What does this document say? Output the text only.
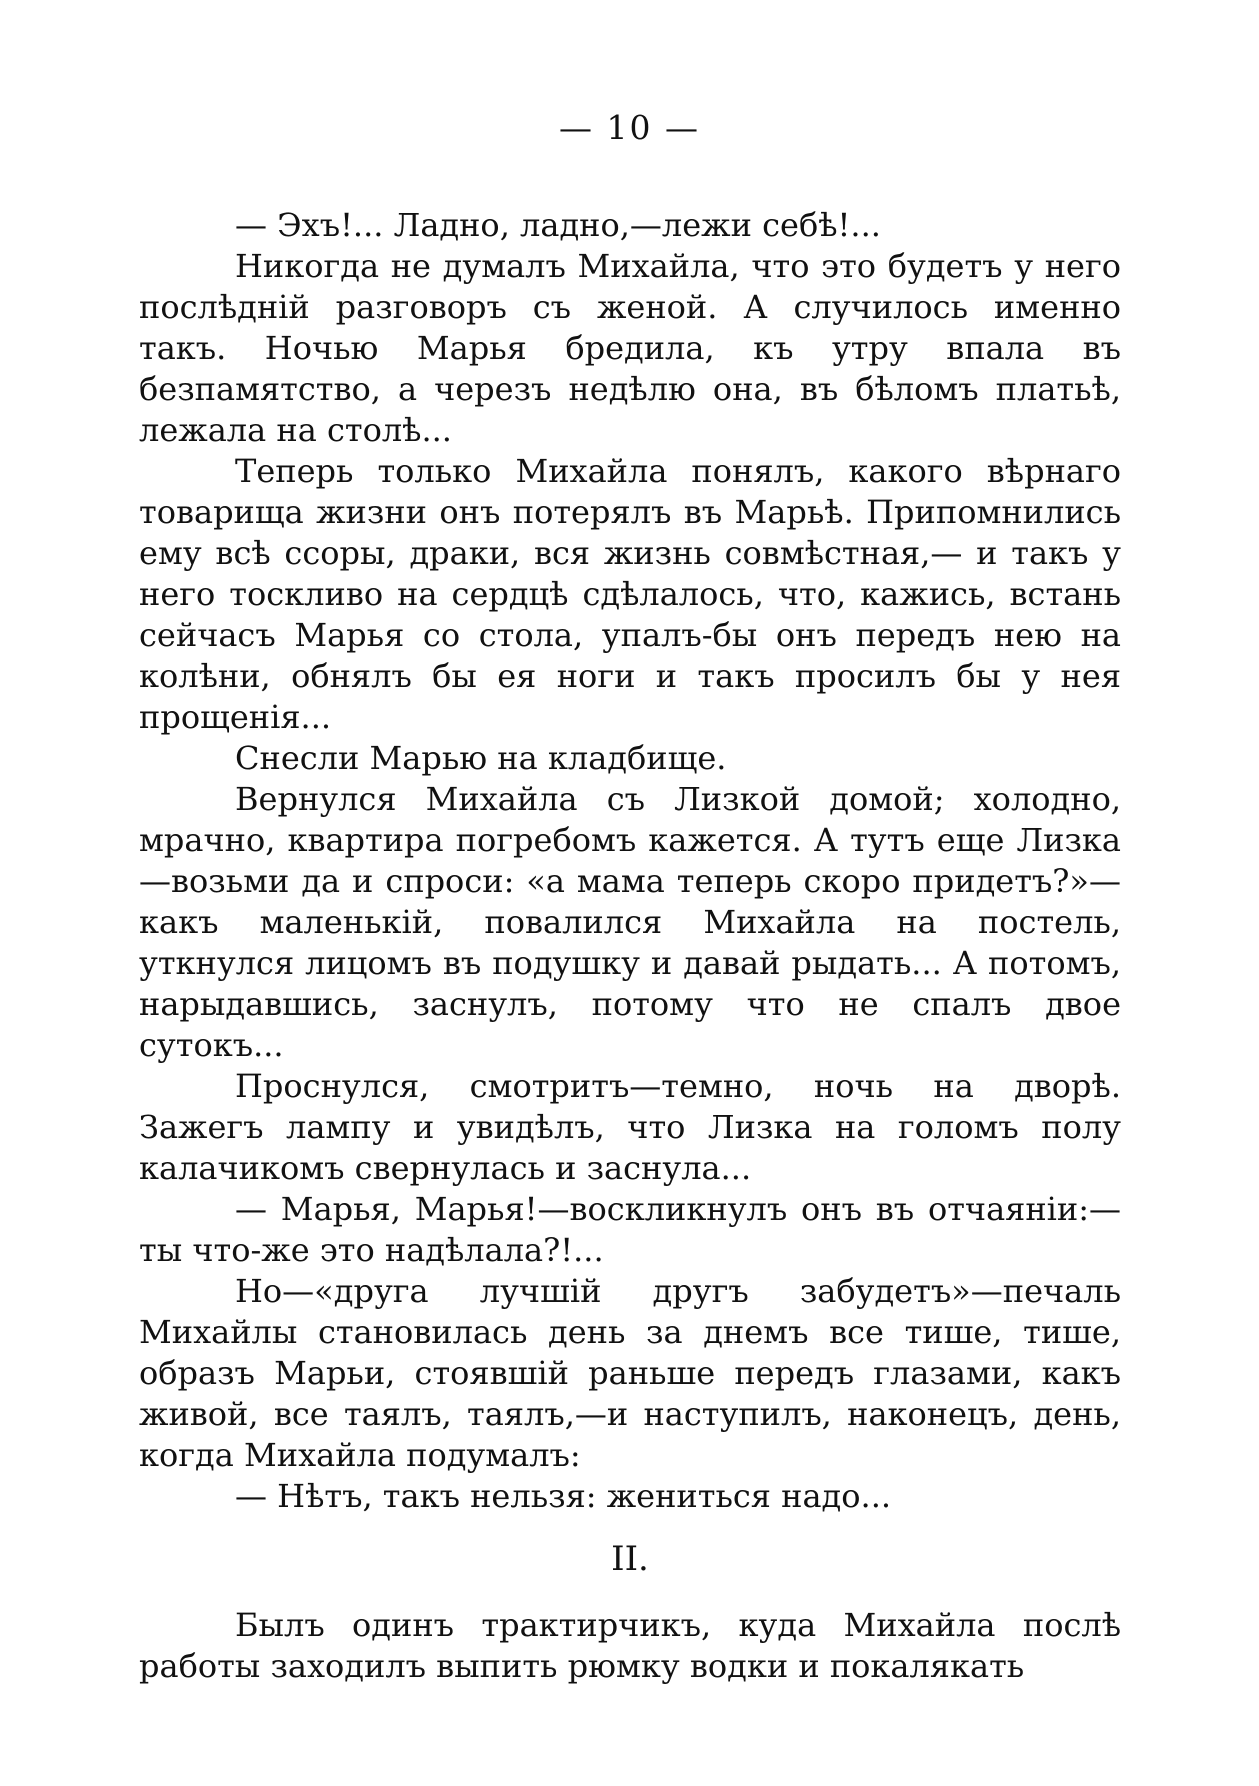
— 10 —

— Эхъ!... Ладно, ладно,—лежи себѣ!...

Никогда не думалъ Михайла, что это будетъ у него послѣднiй разговоръ съ женой. А случилось именно такъ. Ночью Марья бредила, къ утру впала въ безпамятство, а черезъ недѣлю она, въ бѣломъ платьѣ, лежала на столѣ...

Теперь только Михайла понялъ, какого вѣрнаго товарища жизни онъ потерялъ въ Марьѣ. Припомнились ему всѣ ссоры, драки, вся жизнь совмѣстная,— и такъ у него тоскливо на сердцѣ сдѣлалось, что, кажись, встань сейчасъ Марья со стола, упалъ-бы онъ передъ нею на колѣни, обнялъ бы ея ноги и такъ просилъ бы у нея прощенiя...

Снесли Марью на кладбище.

Вернулся Михайла съ Лизкой домой; холодно, мрачно, квартира погребомъ кажется. А тутъ еще Лизка—возьми да и спроси: «а мама теперь скоро придетъ?»—какъ маленькiй, повалился Михайла на постель, уткнулся лицомъ въ подушку и давай рыдать... А потомъ, нарыдавшись, заснулъ, потому что не спалъ двое сутокъ...

Проснулся, смотритъ—темно, ночь на дворѣ. Зажегъ лампу и увидѣлъ, что Лизка на голомъ полу калачикомъ свернулась и заснула...

— Марья, Марья!—воскликнулъ онъ въ отчаянiи:—ты что-же это надѣлала?!...

Но—«друга лучшiй другъ забудетъ»—печаль Михайлы становилась день за днемъ все тише, тише, образъ Марьи, стоявшiй раньше передъ глазами, какъ живой, все таялъ, таялъ,—и наступилъ, наконецъ, день, когда Михайла подумалъ:

— Нѣтъ, такъ нельзя: жениться надо...

II.

Былъ одинъ трактирчикъ, куда Михайла послѣ работы заходилъ выпить рюмку водки и покалякать
